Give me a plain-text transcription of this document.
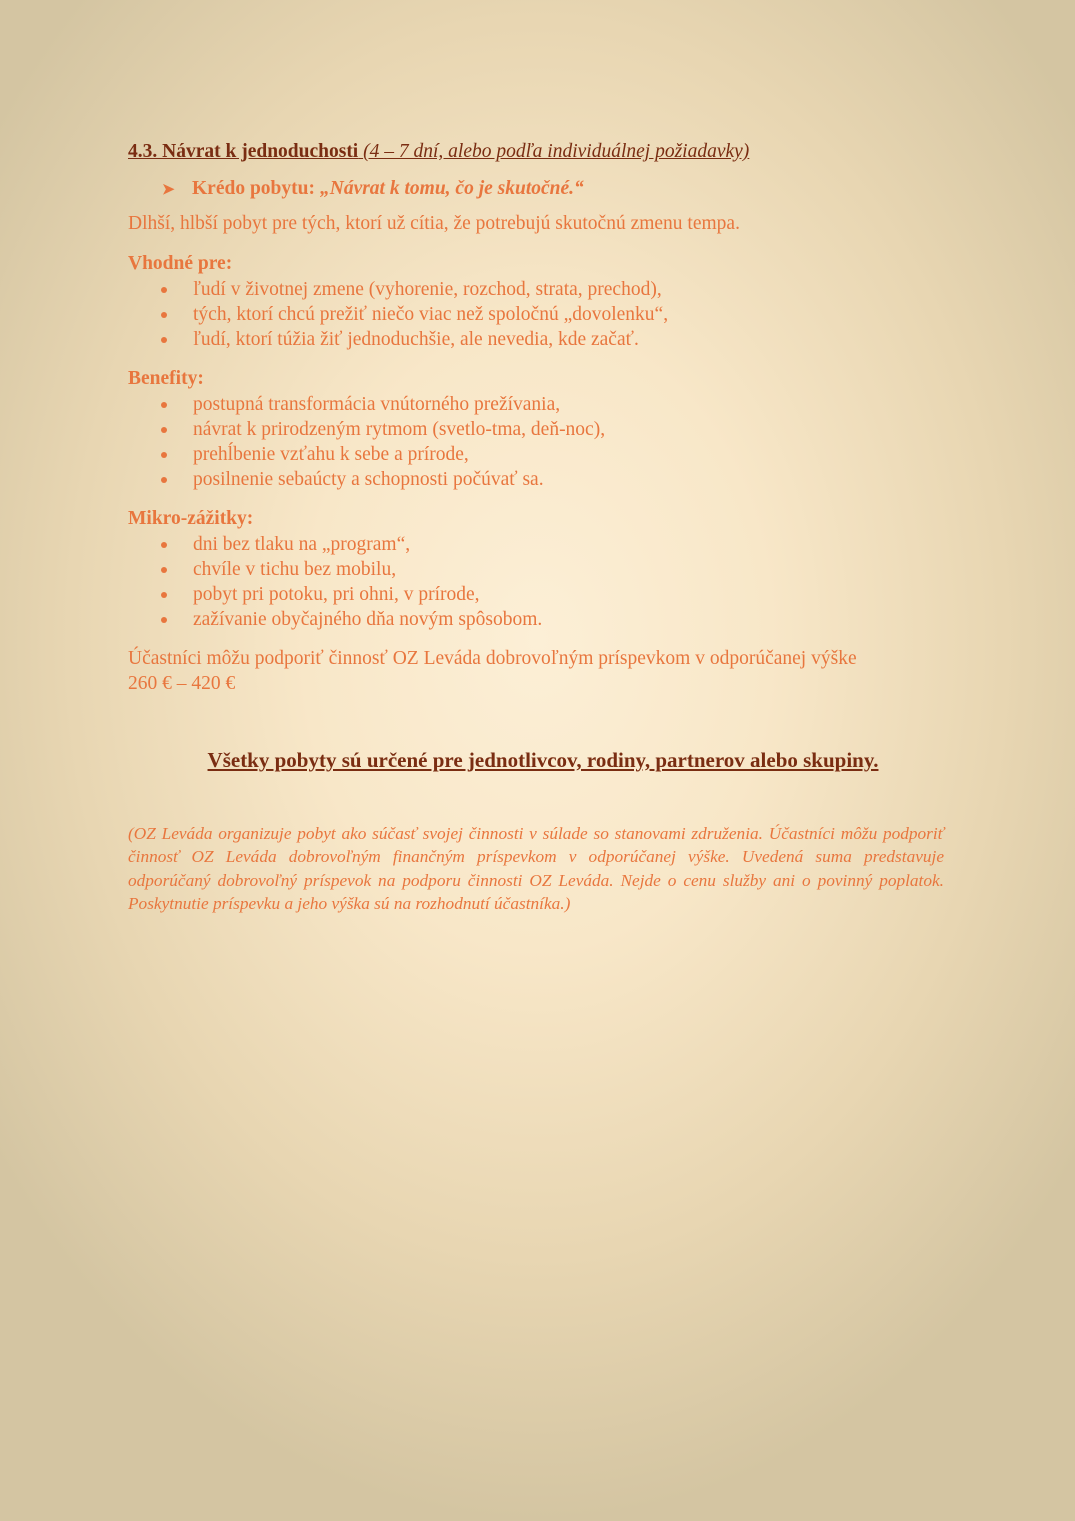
4.3. Návrat k jednoduchosti (4 – 7 dní, alebo podľa individuálnej požiadavky)
➤ Krédo pobytu: „Návrat k tomu, čo je skutočné.“
Dlhší, hlbší pobyt pre tých, ktorí už cítia, že potrebujú skutočnú zmenu tempa.
Vhodné pre:
ľudí v životnej zmene (vyhorenie, rozchod, strata, prechod),
tých, ktorí chcú prežiť niečo viac než spoločnú „dovolenku“,
ľudí, ktorí túžia žiť jednoduchšie, ale nevedia, kde začať.
Benefity:
postupná transformácia vnútorného prežívania,
návrat k prirodzeným rytmom (svetlo-tma, deň-noc),
prehĺbenie vzťahu k sebe a prírode,
posilnenie sebaúcty a schopnosti počúvať sa.
Mikro-zážitky:
dni bez tlaku na „program“,
chvíle v tichu bez mobilu,
pobyt pri potoku, pri ohni, v prírode,
zažívanie obyčajného dňa novým spôsobom.
Účastníci môžu podporiť činnosť OZ Leváda dobrovoľným príspevkom v odporúčanej výške
260 € – 420 €
Všetky pobyty sú určené pre jednotlivcov, rodiny, partnerov alebo skupiny.
(OZ Leváda organizuje pobyt ako súčasť svojej činnosti v súlade so stanovami združenia. Účastníci môžu podporiť činnosť OZ Leváda dobrovoľným finančným príspevkom v odporúčanej výške. Uvedená suma predstavuje odporúčaný dobrovoľný príspevok na podporu činnosti OZ Leváda. Nejde o cenu služby ani o povinný poplatok. Poskytnutie príspevku a jeho výška sú na rozhodnutí účastníka.)
